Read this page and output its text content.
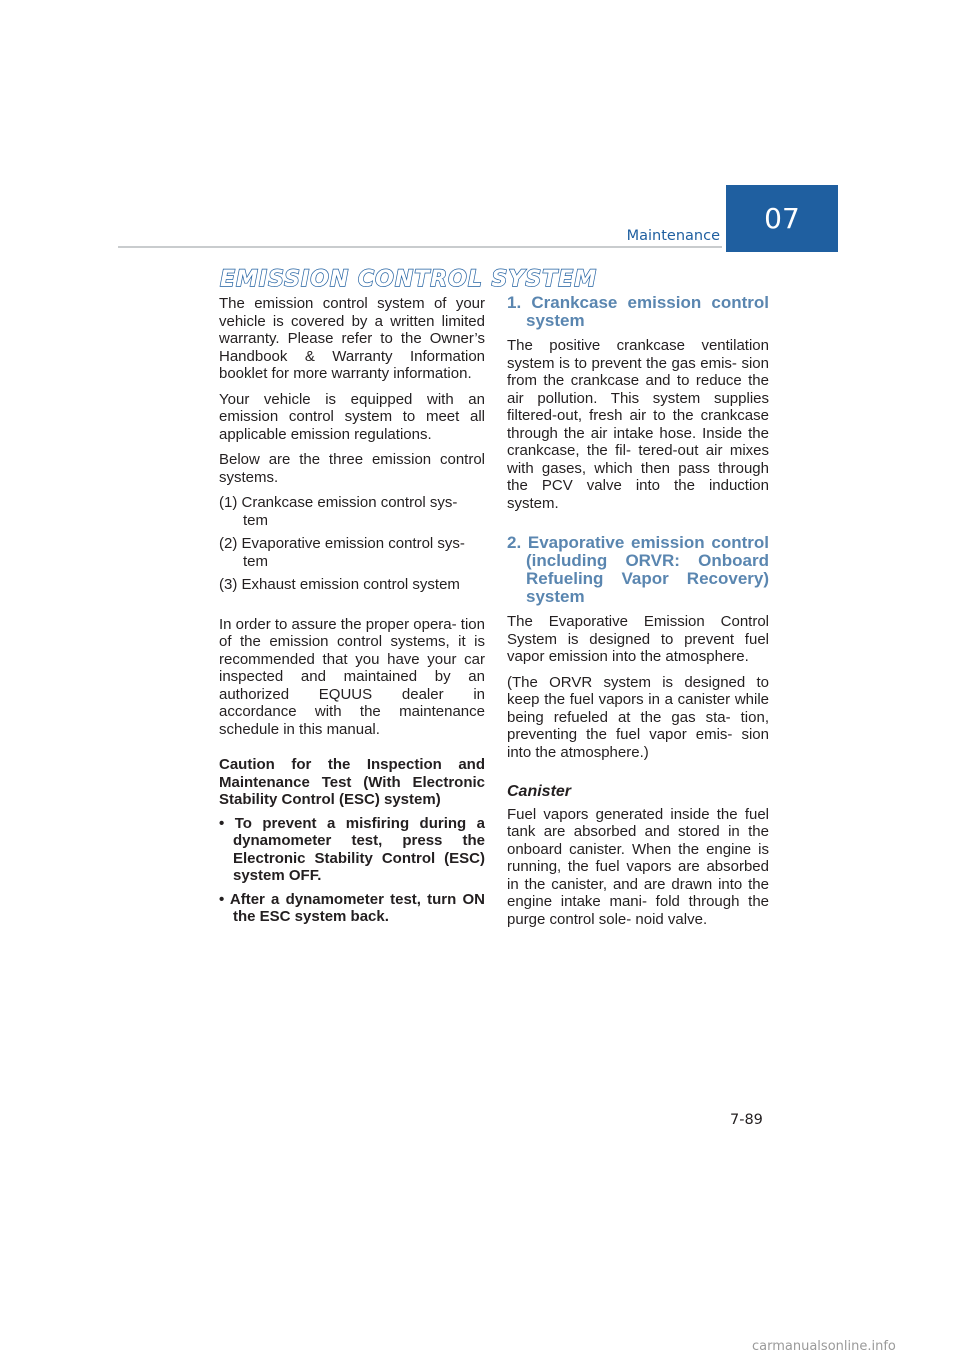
Maintenance
07
EMISSION CONTROL SYSTEM

The emission control system of your vehicle is covered by a written limited warranty. Please refer to the Owner’s Handbook & Warranty Information booklet for more warranty information.

Your vehicle is equipped with an emission control system to meet all applicable emission regulations.

Below are the three emission control systems.

(1) Crankcase emission control sys- tem

(2) Evaporative emission control sys- tem

(3) Exhaust emission control system

In order to assure the proper opera- tion of the emission control systems, it is recommended that you have your car inspected and maintained by an authorized EQUUS dealer in accordance with the maintenance schedule in this manual.

Caution for the Inspection and Maintenance Test (With Electronic Stability Control (ESC) system)

• To prevent a misfiring during a dynamometer test, press the Electronic Stability Control (ESC) system OFF.

• After a dynamometer test, turn ON the ESC system back.

1. Crankcase emission control system

The positive crankcase ventilation system is to prevent the gas emis- sion from the crankcase and to reduce the air pollution. This system supplies filtered-out, fresh air to the crankcase through the air intake hose. Inside the crankcase, the fil- tered-out air mixes with gases, which then pass through the PCV valve into the induction system.

2. Evaporative emission control (including ORVR: Onboard Refueling Vapor Recovery) system

The Evaporative Emission Control System is designed to prevent fuel vapor emission into the atmosphere.

(The ORVR system is designed to keep the fuel vapors in a canister while being refueled at the gas sta- tion, preventing the fuel vapor emis- sion into the atmosphere.)

Canister

Fuel vapors generated inside the fuel tank are absorbed and stored in the onboard canister. When the engine is running, the fuel vapors are absorbed in the canister, and are drawn into the engine intake mani- fold through the purge control sole- noid valve.

7-89
carmanualsonline.info
